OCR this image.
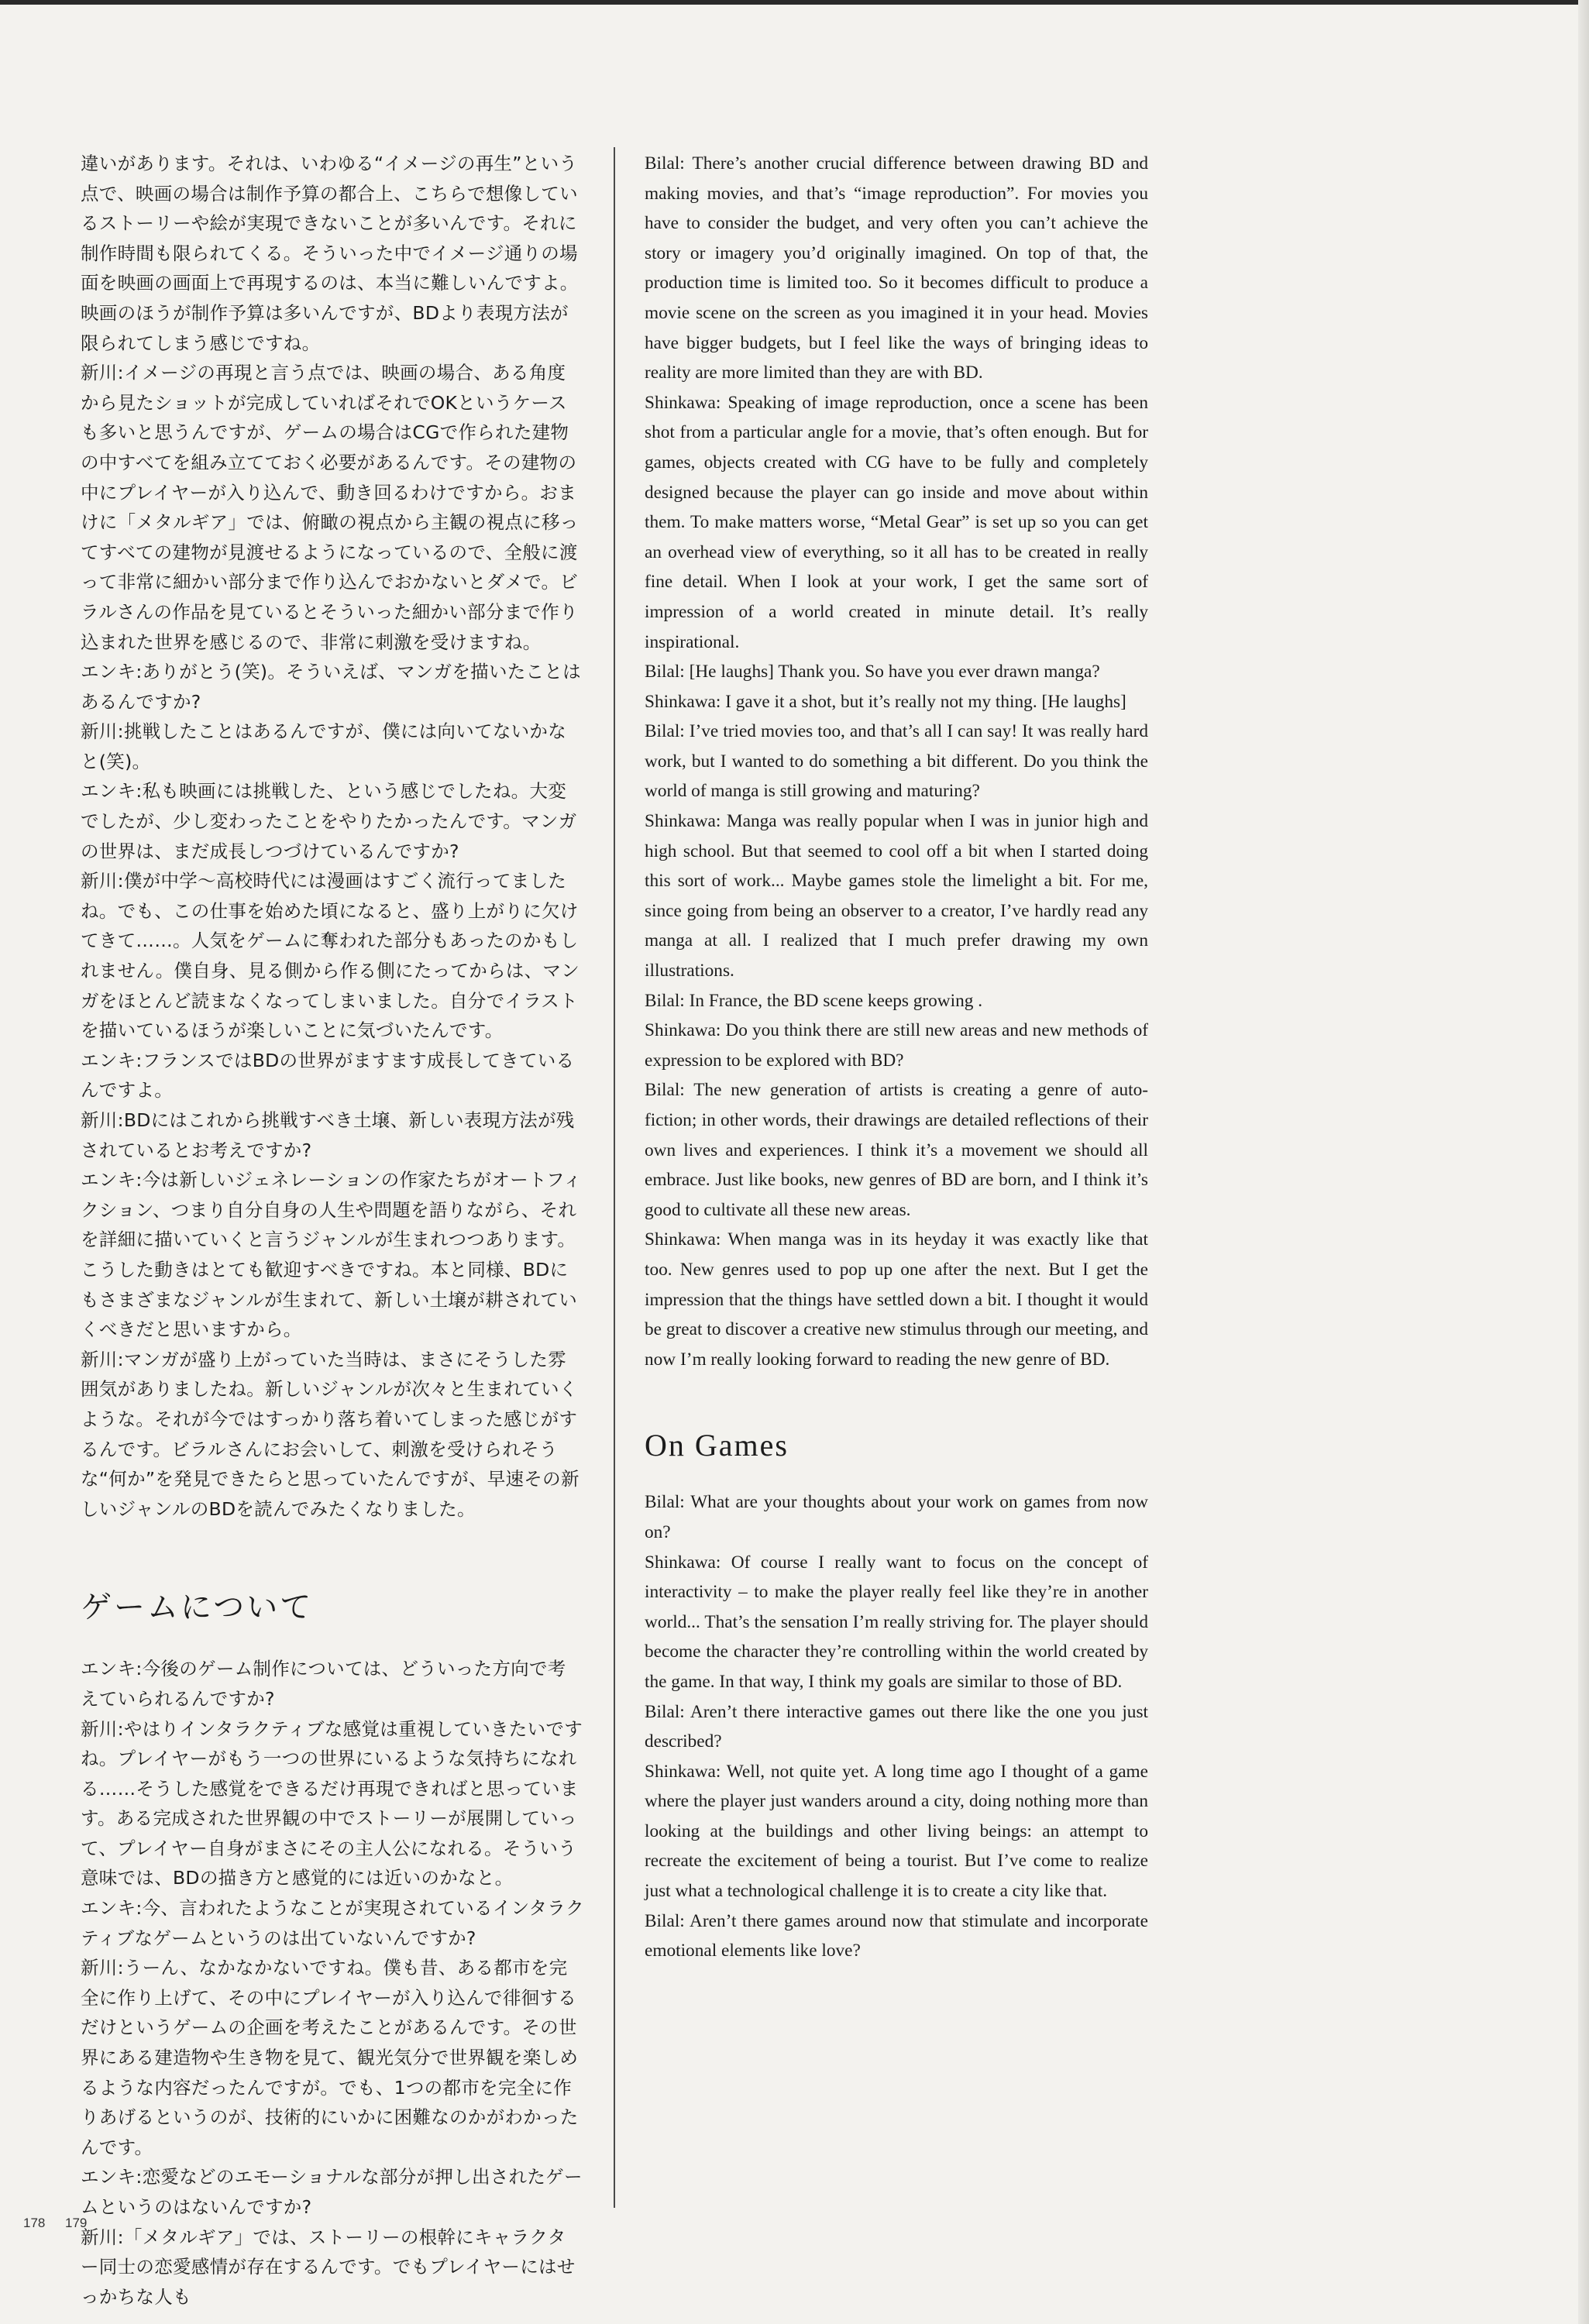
違いがあります。それは、いわゆる“イメージの再生”という点で、映画の場合は制作予算の都合上、こちらで想像しているストーリーや絵が実現できないことが多いんです。それに制作時間も限られてくる。そういった中でイメージ通りの場面を映画の画面上で再現するのは、本当に難しいんですよ。映画のほうが制作予算は多いんですが、BDより表現方法が限られてしまう感じですね。

新川:イメージの再現と言う点では、映画の場合、ある角度から見たショットが完成していればそれでOKというケースも多いと思うんですが、ゲームの場合はCGで作られた建物の中すべてを組み立てておく必要があるんです。その建物の中にプレイヤーが入り込んで、動き回るわけですから。おまけに「メタルギア」では、俯瞰の視点から主観の視点に移ってすべての建物が見渡せるようになっているので、全般に渡って非常に細かい部分まで作り込んでおかないとダメで。ビラルさんの作品を見ているとそういった細かい部分まで作り込まれた世界を感じるので、非常に刺激を受けますね。

エンキ:ありがとう(笑)。そういえば、マンガを描いたことはあるんですか?

新川:挑戦したことはあるんですが、僕には向いてないかなと(笑)。

エンキ:私も映画には挑戦した、という感じでしたね。大変でしたが、少し変わったことをやりたかったんです。マンガの世界は、まだ成長しつづけているんですか?

新川:僕が中学〜高校時代には漫画はすごく流行ってましたね。でも、この仕事を始めた頃になると、盛り上がりに欠けてきて……。人気をゲームに奪われた部分もあったのかもしれません。僕自身、見る側から作る側にたってからは、マンガをほとんど読まなくなってしまいました。自分でイラストを描いているほうが楽しいことに気づいたんです。

エンキ:フランスではBDの世界がますます成長してきているんですよ。

新川:BDにはこれから挑戦すべき土壌、新しい表現方法が残されているとお考えですか?

エンキ:今は新しいジェネレーションの作家たちがオートフィクション、つまり自分自身の人生や問題を語りながら、それを詳細に描いていくと言うジャンルが生まれつつあります。こうした動きはとても歓迎すべきですね。本と同様、BDにもさまざまなジャンルが生まれて、新しい土壌が耕されていくべきだと思いますから。

新川:マンガが盛り上がっていた当時は、まさにそうした雰囲気がありましたね。新しいジャンルが次々と生まれていくような。それが今ではすっかり落ち着いてしまった感じがするんです。ビラルさんにお会いして、刺激を受けられそうな“何か”を発見できたらと思っていたんですが、早速その新しいジャンルのBDを読んでみたくなりました。

ゲームについて

エンキ:今後のゲーム制作については、どういった方向で考えていられるんですか?

新川:やはりインタラクティブな感覚は重視していきたいですね。プレイヤーがもう一つの世界にいるような気持ちになれる……そうした感覚をできるだけ再現できればと思っています。ある完成された世界観の中でストーリーが展開していって、プレイヤー自身がまさにその主人公になれる。そういう意味では、BDの描き方と感覚的には近いのかなと。

エンキ:今、言われたようなことが実現されているインタラクティブなゲームというのは出ていないんですか?

新川:うーん、なかなかないですね。僕も昔、ある都市を完全に作り上げて、その中にプレイヤーが入り込んで徘徊するだけというゲームの企画を考えたことがあるんです。その世界にある建造物や生き物を見て、観光気分で世界観を楽しめるような内容だったんですが。でも、1つの都市を完全に作りあげるというのが、技術的にいかに困難なのかがわかったんです。

エンキ:恋愛などのエモーショナルな部分が押し出されたゲームというのはないんですか?

新川:「メタルギア」では、ストーリーの根幹にキャラクター同士の恋愛感情が存在するんです。でもプレイヤーにはせっかちな人も

Bilal: There’s another crucial difference between drawing BD and making movies, and that’s “image reproduction”. For movies you have to consider the budget, and very often you can’t achieve the story or imagery you’d originally imagined. On top of that, the production time is limited too. So it becomes difficult to produce a movie scene on the screen as you imagined it in your head. Movies have bigger budgets, but I feel like the ways of bringing ideas to reality are more limited than they are with BD.

Shinkawa: Speaking of image reproduction, once a scene has been shot from a particular angle for a movie, that’s often enough. But for games, objects created with CG have to be fully and completely designed because the player can go inside and move about within them. To make matters worse, “Metal Gear” is set up so you can get an overhead view of everything, so it all has to be created in really fine detail. When I look at your work, I get the same sort of impression of a world created in minute detail. It’s really inspirational.

Bilal: [He laughs] Thank you. So have you ever drawn manga?

Shinkawa: I gave it a shot, but it’s really not my thing. [He laughs]

Bilal: I’ve tried movies too, and that’s all I can say! It was really hard work, but I wanted to do something a bit different. Do you think the world of manga is still growing and maturing?

Shinkawa: Manga was really popular when I was in junior high and high school. But that seemed to cool off a bit when I started doing this sort of work... Maybe games stole the limelight a bit. For me, since going from being an observer to a creator, I’ve hardly read any manga at all. I realized that I much prefer drawing my own illustrations.

Bilal: In France, the BD scene keeps growing .

Shinkawa: Do you think there are still new areas and new methods of expression to be explored with BD?

Bilal: The new generation of artists is creating a genre of auto-fiction; in other words, their drawings are detailed reflections of their own lives and experiences. I think it’s a movement we should all embrace. Just like books, new genres of BD are born, and I think it’s good to cultivate all these new areas.

Shinkawa: When manga was in its heyday it was exactly like that too. New genres used to pop up one after the next. But I get the impression that the things have settled down a bit. I thought it would be great to discover a creative new stimulus through our meeting, and now I’m really looking forward to reading the new genre of BD.

On Games

Bilal: What are your thoughts about your work on games from now on?

Shinkawa: Of course I really want to focus on the concept of interactivity – to make the player really feel like they’re in another world... That’s the sensation I’m really striving for. The player should become the character they’re controlling within the world created by the game. In that way, I think my goals are similar to those of BD.

Bilal: Aren’t there interactive games out there like the one you just described?

Shinkawa: Well, not quite yet. A long time ago I thought of a game where the player just wanders around a city, doing nothing more than looking at the buildings and other living beings: an attempt to recreate the excitement of being a tourist. But I’ve come to realize just what a technological challenge it is to create a city like that.

Bilal: Aren’t there games around now that stimulate and incorporate emotional elements like love?

178 179
